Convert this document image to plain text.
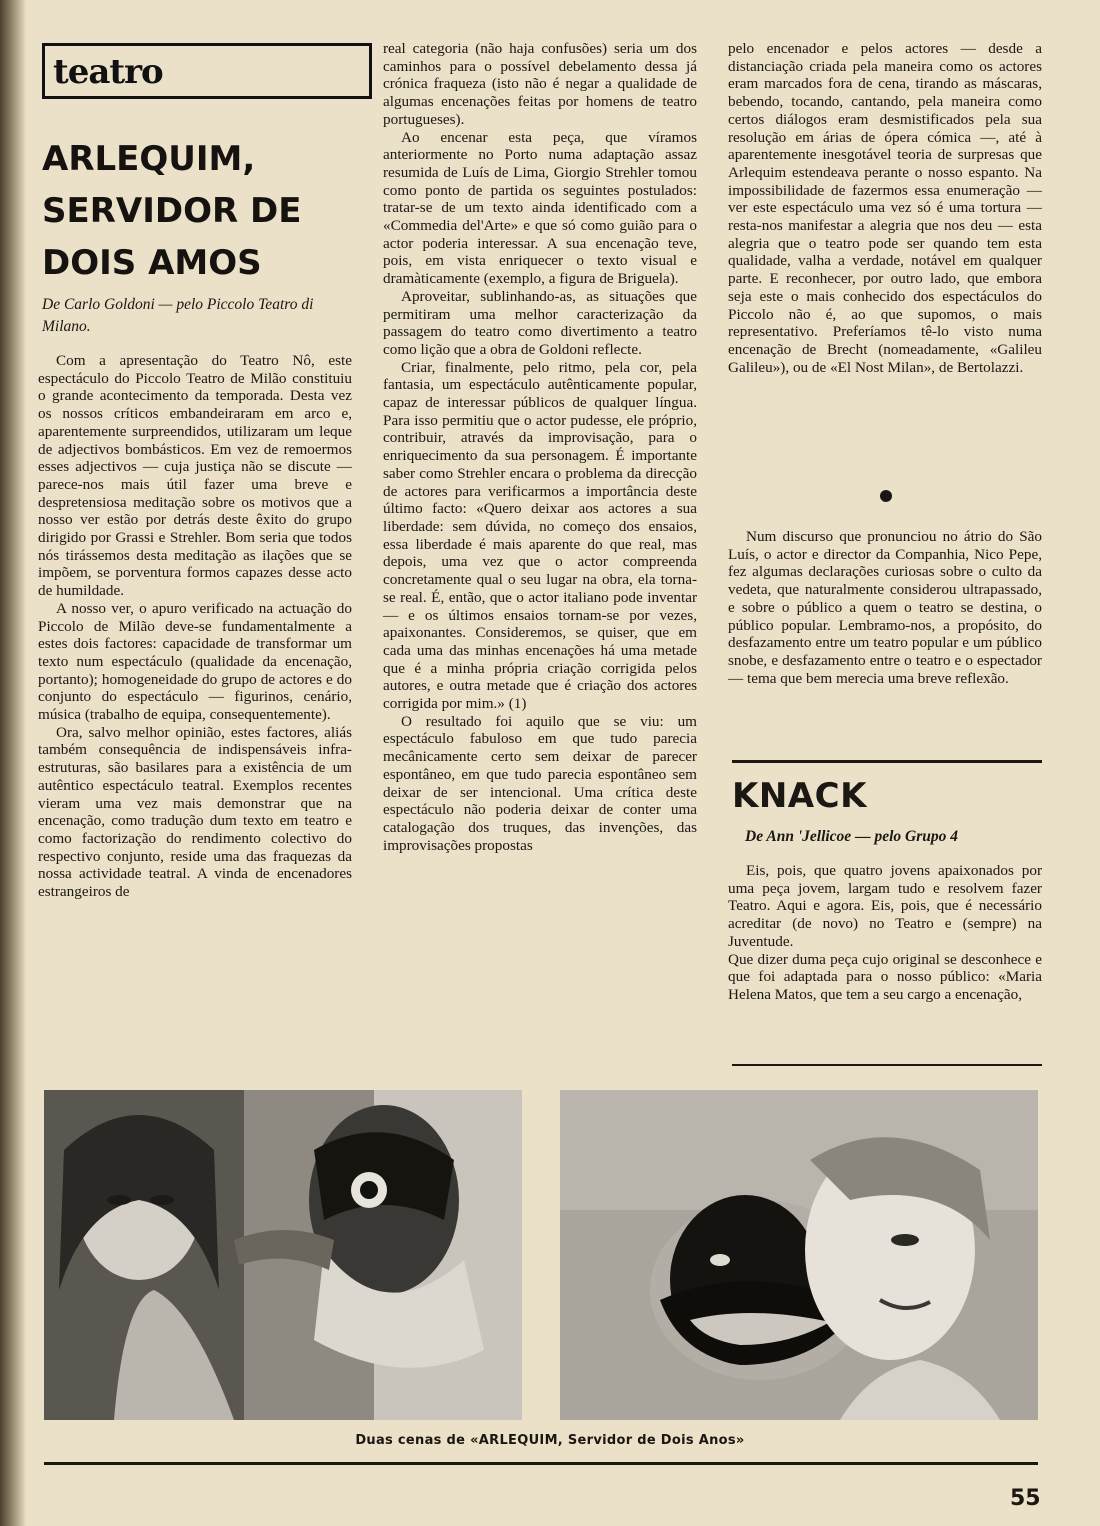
teatro
ARLEQUIM, SERVIDOR DE DOIS AMOS

De Carlo Goldoni — pelo Piccolo Teatro di Milano.

Com a apresentação do Teatro Nô, este espectáculo do Piccolo Teatro de Milão constituiu o grande acontecimento da temporada. Desta vez os nossos críticos embandeiraram em arco e, aparentemente surpreendidos, utilizaram um leque de adjectivos bombásticos. Em vez de remoermos esses adjectivos — cuja justiça não se discute — parece-nos mais útil fazer uma breve e despretensiosa meditação sobre os motivos que a nosso ver estão por detrás deste êxito do grupo dirigido por Grassi e Strehler. Bom seria que todos nós tirássemos desta meditação as ilações que se impõem, se porventura formos capazes desse acto de humildade.

A nosso ver, o apuro verificado na actuação do Piccolo de Milão deve-se fundamentalmente a estes dois factores: capacidade de transformar um texto num espectáculo (qualidade da encenação, portanto); homogeneidade do grupo de actores e do conjunto do espectáculo — figurinos, cenário, música (trabalho de equipa, consequentemente).

Ora, salvo melhor opinião, estes factores, aliás também consequência de indispensáveis infra-estruturas, são basilares para a existência de um autêntico espectáculo teatral. Exemplos recentes vieram uma vez mais demonstrar que na encenação, como tradução dum texto em teatro e como factorização do rendimento colectivo do respectivo conjunto, reside uma das fraquezas da nossa actividade teatral. A vinda de encenadores estrangeiros de

real categoria (não haja confusões) seria um dos caminhos para o possível debelamento dessa já crónica fraqueza (isto não é negar a qualidade de algumas encenações feitas por homens de teatro portugueses).

Ao encenar esta peça, que víramos anteriormente no Porto numa adaptação assaz resumida de Luís de Lima, Giorgio Strehler tomou como ponto de partida os seguintes postulados: tratar-se de um texto ainda identificado com a «Commedia del'Arte» e que só como guião para o actor poderia interessar. A sua encenação teve, pois, em vista enriquecer o texto visual e dramàticamente (exemplo, a figura de Briguela).

Aproveitar, sublinhando-as, as situações que permitiram uma melhor caracterização da passagem do teatro como divertimento a teatro como lição que a obra de Goldoni reflecte.

Criar, finalmente, pelo ritmo, pela cor, pela fantasia, um espectáculo autênticamente popular, capaz de interessar públicos de qualquer língua. Para isso permitiu que o actor pudesse, ele próprio, contribuir, através da improvisação, para o enriquecimento da sua personagem. É importante saber como Strehler encara o problema da direcção de actores para verificarmos a importância deste último facto: «Quero deixar aos actores a sua liberdade: sem dúvida, no começo dos ensaios, essa liberdade é mais aparente do que real, mas depois, uma vez que o actor compreenda concretamente qual o seu lugar na obra, ela torna-se real. É, então, que o actor italiano pode inventar — e os últimos ensaios tornam-se por vezes, apaixonantes. Consideremos, se quiser, que em cada uma das minhas encenações há uma metade que é a minha própria criação corrigida pelos autores, e outra metade que é criação dos actores corrigida por mim.» (1)

O resultado foi aquilo que se viu: um espectáculo fabuloso em que tudo parecia mecânicamente certo sem deixar de parecer espontâneo, em que tudo parecia espontâneo sem deixar de ser intencional. Uma crítica deste espectáculo não poderia deixar de conter uma catalogação dos truques, das invenções, das improvisações propostas

pelo encenador e pelos actores — desde a distanciação criada pela maneira como os actores eram marcados fora de cena, tirando as máscaras, bebendo, tocando, cantando, pela maneira como certos diálogos eram desmistificados pela sua resolução em árias de ópera cómica —, até à aparentemente inesgotável teoria de surpresas que Arlequim estendeava perante o nosso espanto. Na impossibilidade de fazermos essa enumeração — ver este espectáculo uma vez só é uma tortura — resta-nos manifestar a alegria que nos deu — esta alegria que o teatro pode ser quando tem esta qualidade, valha a verdade, notável em qualquer parte. E reconhecer, por outro lado, que embora seja este o mais conhecido dos espectáculos do Piccolo não é, ao que supomos, o mais representativo. Preferíamos tê-lo visto numa encenação de Brecht (nomeadamente, «Galileu Galileu»), ou de «El Nost Milan», de Bertolazzi.

Num discurso que pronunciou no átrio do São Luís, o actor e director da Companhia, Nico Pepe, fez algumas declarações curiosas sobre o culto da vedeta, que naturalmente considerou ultrapassado, e sobre o público a quem o teatro se destina, o público popular. Lembramo-nos, a propósito, do desfazamento entre um teatro popular e um público snobe, e desfazamento entre o teatro e o espectador — tema que bem merecia uma breve reflexão.

KNACK

De Ann 'Jellicoe — pelo Grupo 4

Eis, pois, que quatro jovens apaixonados por uma peça jovem, largam tudo e resolvem fazer Teatro. Aqui e agora. Eis, pois, que é necessário acreditar (de novo) no Teatro e (sempre) na Juventude.

Que dizer duma peça cujo original se desconhece e que foi adaptada para o nosso público: «Maria Helena Matos, que tem a seu cargo a encenação,

Duas cenas de «ARLEQUIM, Servidor de Dois Anos»

55
